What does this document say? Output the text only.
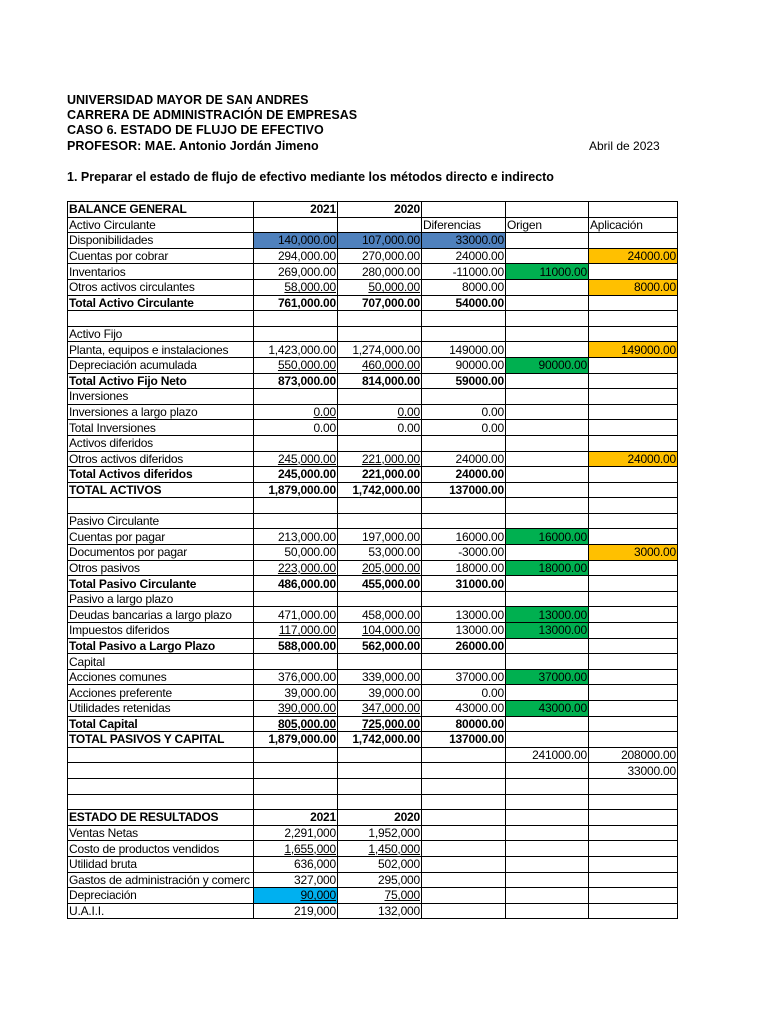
UNIVERSIDAD MAYOR DE SAN ANDRES
CARRERA DE ADMINISTRACIÓN DE EMPRESAS
CASO 6. ESTADO DE FLUJO DE EFECTIVO
PROFESOR: MAE. Antonio Jordán Jimeno	Abril de 2023
1. Preparar el estado de flujo de efectivo mediante los métodos directo e indirecto
BALANCE GENERAL	2021	2020			
Activo Circulante			Diferencias	Origen	Aplicación
Disponibilidades	140,000.00	107,000.00	33000.00		
Cuentas por cobrar	294,000.00	270,000.00	24000.00		24000.00
Inventarios	269,000.00	280,000.00	-11000.00	11000.00	
Otros activos circulantes	58,000.00	50,000.00	8000.00		8000.00
Total Activo Circulante	761,000.00	707,000.00	54000.00		

Activo Fijo					
Planta, equipos e instalaciones	1,423,000.00	1,274,000.00	149000.00		149000.00
Depreciación acumulada	550,000.00	460,000.00	90000.00	90000.00	
Total Activo Fijo Neto	873,000.00	814,000.00	59000.00		
Inversiones					
Inversiones a largo plazo	0.00	0.00	0.00		
Total Inversiones	0.00	0.00	0.00		
Activos diferidos					
Otros activos diferidos	245,000.00	221,000.00	24000.00		24000.00
Total Activos diferidos	245,000.00	221,000.00	24000.00		
TOTAL ACTIVOS	1,879,000.00	1,742,000.00	137000.00		

Pasivo Circulante					
Cuentas por pagar	213,000.00	197,000.00	16000.00	16000.00	
Documentos por pagar	50,000.00	53,000.00	-3000.00		3000.00
Otros pasivos	223,000.00	205,000.00	18000.00	18000.00	
Total Pasivo Circulante	486,000.00	455,000.00	31000.00		
Pasivo a largo plazo					
Deudas bancarias a largo plazo	471,000.00	458,000.00	13000.00	13000.00	
Impuestos diferidos	117,000.00	104,000.00	13000.00	13000.00	
Total Pasivo a Largo Plazo	588,000.00	562,000.00	26000.00		
Capital					
Acciones comunes	376,000.00	339,000.00	37000.00	37000.00	
Acciones preferente	39,000.00	39,000.00	0.00		
Utilidades retenidas	390,000.00	347,000.00	43000.00	43000.00	
Total Capital	805,000.00	725,000.00	80000.00		
TOTAL PASIVOS Y CAPITAL	1,879,000.00	1,742,000.00	137000.00		
				241000.00	208000.00
					33000.00

ESTADO DE RESULTADOS	2021	2020			
Ventas Netas	2,291,000	1,952,000			
Costo de productos vendidos	1,655,000	1,450,000			
Utilidad bruta	636,000	502,000			
Gastos de administración y comerc	327,000	295,000			
Depreciación	90,000	75,000			
U.A.I.I.	219,000	132,000			
